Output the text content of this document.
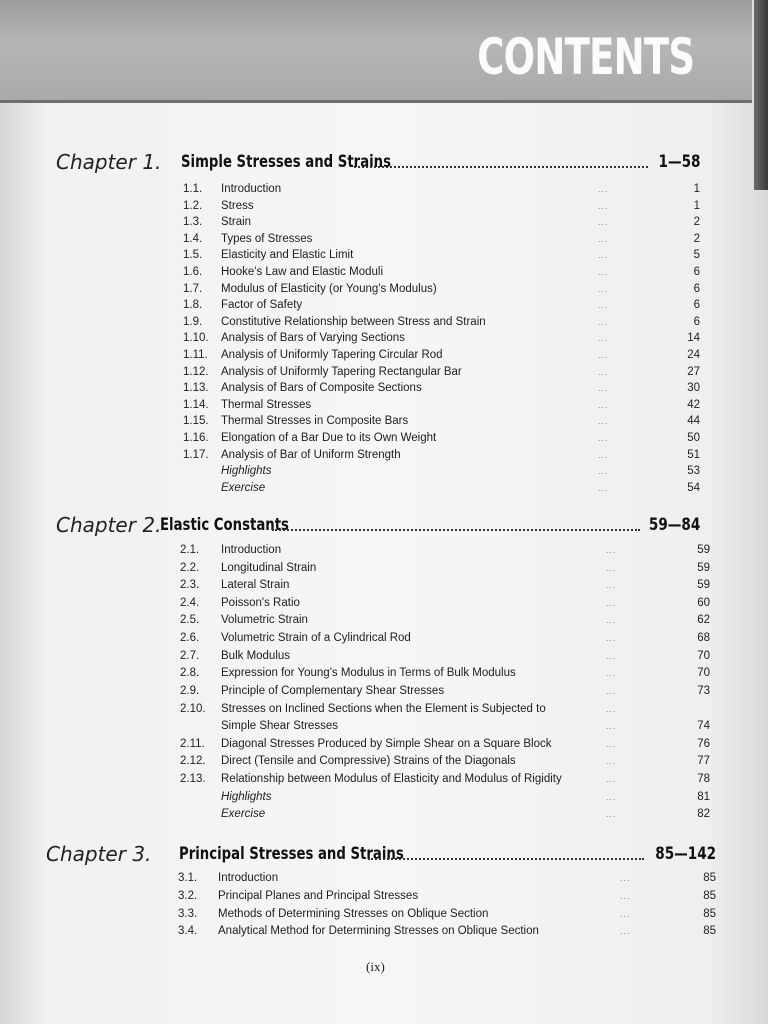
CONTENTS
Chapter 1. Simple Stresses and Strains	1—58
1.1. Introduction	...	1
1.2. Stress	...	1
1.3. Strain	...	2
1.4. Types of Stresses	...	2
1.5. Elasticity and Elastic Limit	...	5
1.6. Hooke's Law and Elastic Moduli	...	6
1.7. Modulus of Elasticity (or Young's Modulus)	...	6
1.8. Factor of Safety	...	6
1.9. Constitutive Relationship between Stress and Strain	...	6
1.10. Analysis of Bars of Varying Sections	...	14
1.11. Analysis of Uniformly Tapering Circular Rod	...	24
1.12. Analysis of Uniformly Tapering Rectangular Bar	...	27
1.13. Analysis of Bars of Composite Sections	...	30
1.14. Thermal Stresses	...	42
1.15. Thermal Stresses in Composite Bars	...	44
1.16. Elongation of a Bar Due to its Own Weight	...	50
1.17. Analysis of Bar of Uniform Strength	...	51
Highlights	...	53
Exercise	...	54
Chapter 2.
Elastic Constants	59—84
2.1. Introduction	...	59
2.2. Longitudinal Strain	...	59
2.3. Lateral Strain	...	59
2.4. Poisson's Ratio	...	60
2.5. Volumetric Strain	...	62
2.6. Volumetric Strain of a Cylindrical Rod	...	68
2.7. Bulk Modulus	...	70
2.8. Expression for Young's Modulus in Terms of Bulk Modulus	...	70
2.9. Principle of Complementary Shear Stresses	...	73
2.10. Stresses on Inclined Sections when the Element is Subjected to	...
Simple Shear Stresses	...	74
2.11. Diagonal Stresses Produced by Simple Shear on a Square Block	...	76
2.12. Direct (Tensile and Compressive) Strains of the Diagonals	...	77
2.13. Relationship between Modulus of Elasticity and Modulus of Rigidity	...	78
Highlights	...	81
Exercise	...	82
Chapter 3. Principal Stresses and Strains	85—142
3.1. Introduction	...	85
3.2. Principal Planes and Principal Stresses	...	85
3.3. Methods of Determining Stresses on Oblique Section	...	85
3.4. Analytical Method for Determining Stresses on Oblique Section	...	85
(ix)
